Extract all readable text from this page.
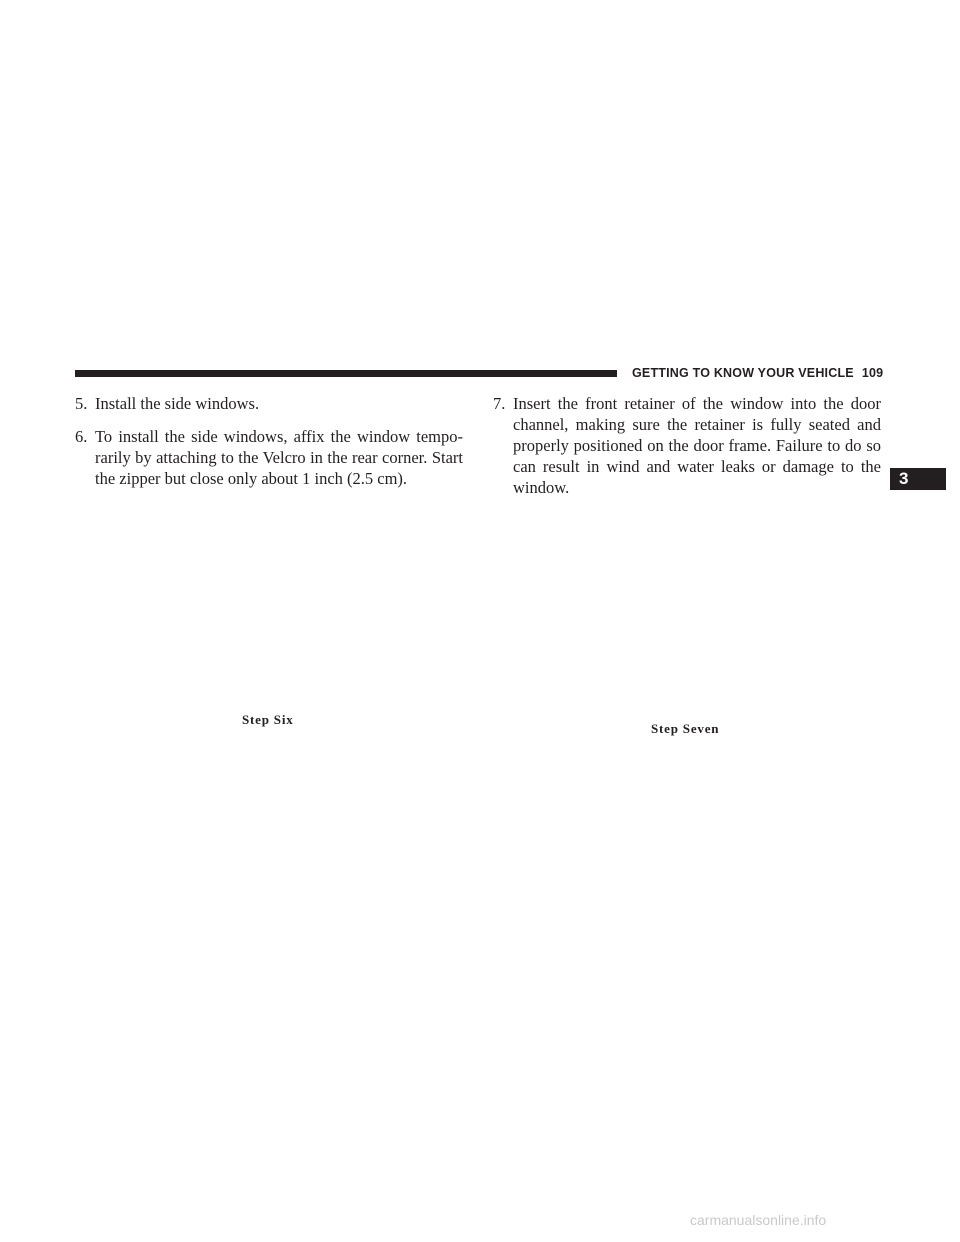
GETTING TO KNOW YOUR VEHICLE 109
3
5. Install the side windows.
6. To install the side windows, affix the window tempo-rarily by attaching to the Velcro in the rear corner. Start the zipper but close only about 1 inch (2.5 cm).
Step Six
7. Insert the front retainer of the window into the door channel, making sure the retainer is fully seated and properly positioned on the door frame. Failure to do so can result in wind and water leaks or damage to the window.
Step Seven
carmanualsonline.info
